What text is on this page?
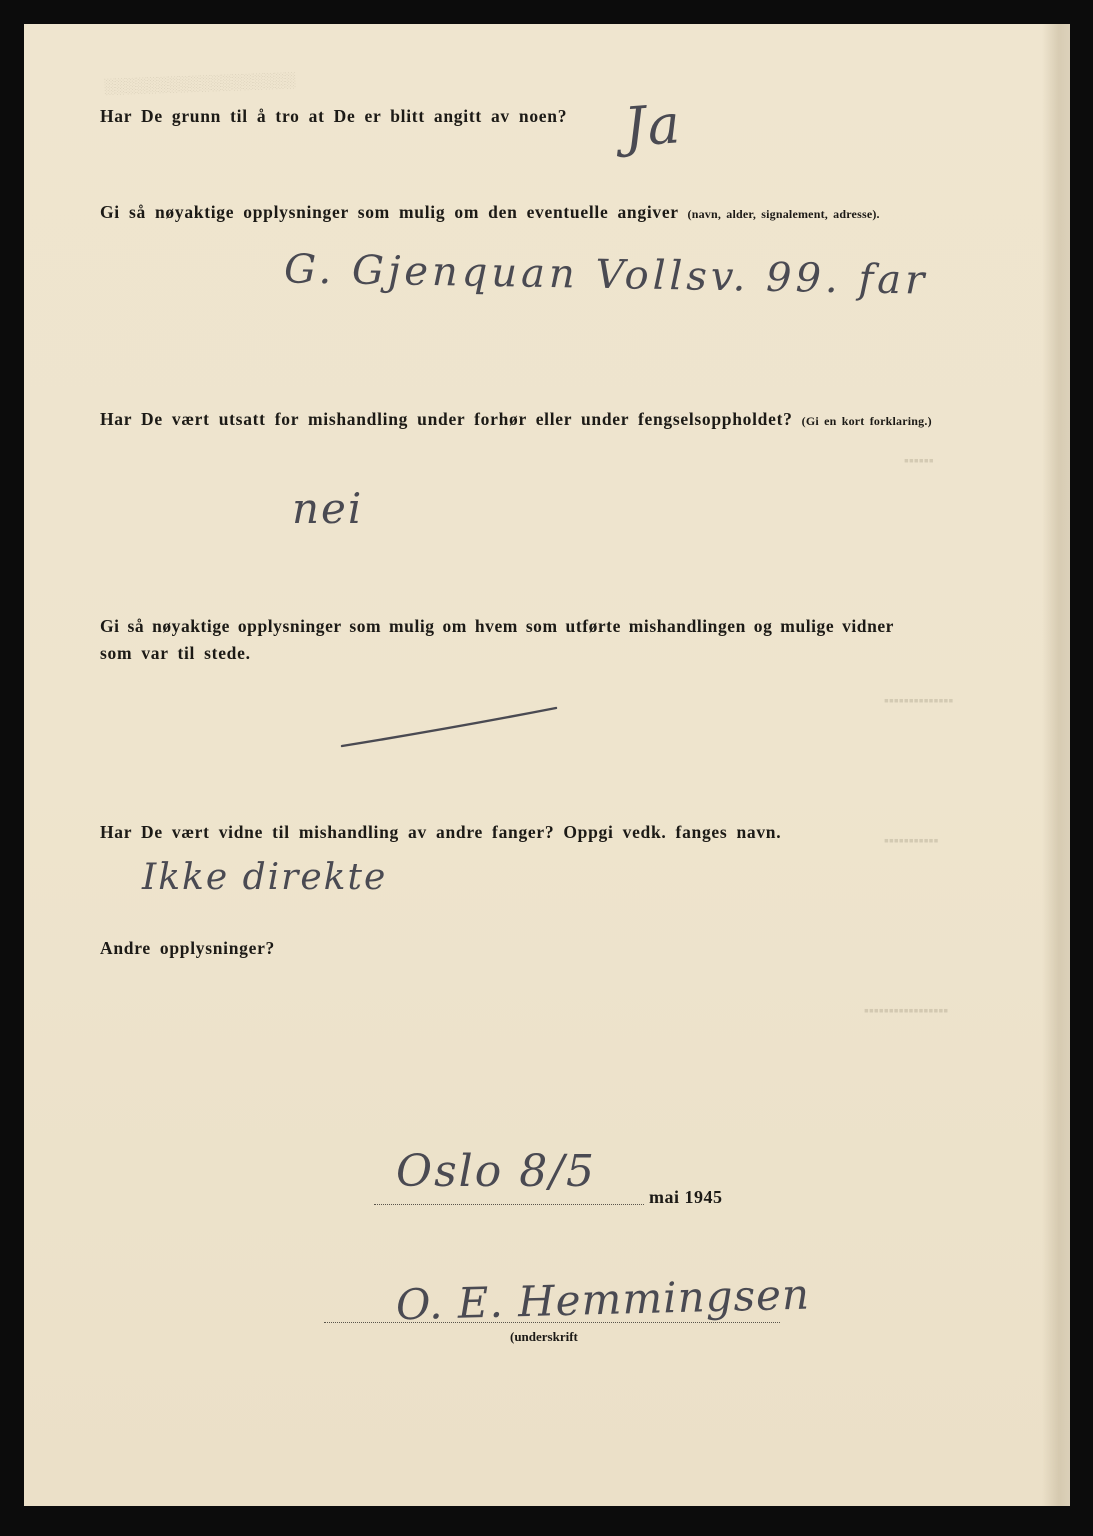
░░░░░░░░░░░░░░░░░░
▪▪▪▪▪▪
▪▪▪▪▪▪▪▪▪▪▪▪▪▪
▪▪▪▪▪▪▪▪▪▪▪
▪▪▪▪▪▪▪▪▪▪▪▪▪▪▪▪▪

Har De grunn til å tro at De er blitt angitt av noen? Ja

Gi så nøyaktige opplysninger som mulig om den eventuelle angiver (navn, alder, signalement, adresse).

G. Gjenquan Vollsv. 99. far

Har De vært utsatt for mishandling under forhør eller under fengselsoppholdet? (Gi en kort forklaring.)

nei

Gi så nøyaktige opplysninger som mulig om hvem som utførte mishandlingen og mulige vidner

som var til stede.

Har De vært vidne til mishandling av andre fanger? Oppgi vedk. fanges navn.

Ikke direkte

Andre opplysninger?

Oslo 8/5	mai 1945

O. E. Hemmingsen

(underskrift
